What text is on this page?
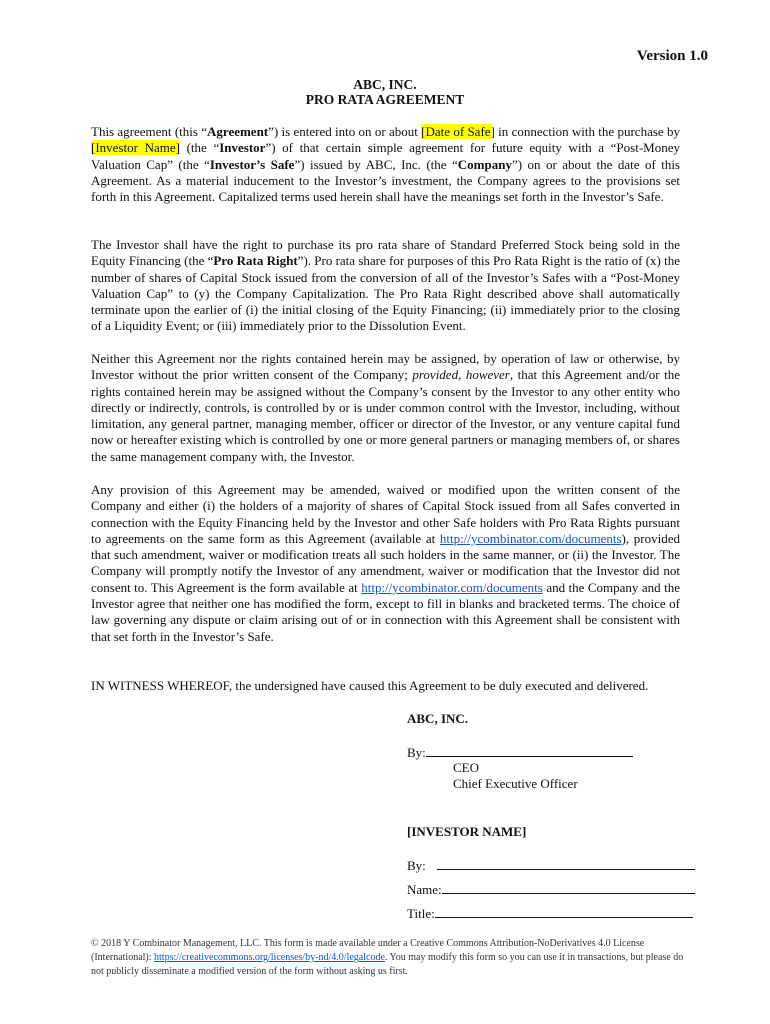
Version 1.0
ABC, INC.
PRO RATA AGREEMENT

This agreement (this “Agreement”) is entered into on or about [Date of Safe] in connection with the purchase by [Investor Name] (the “Investor”) of that certain simple agreement for future equity with a “Post-Money Valuation Cap” (the “Investor’s Safe”) issued by ABC, Inc. (the “Company”) on or about the date of this Agreement. As a material inducement to the Investor’s investment, the Company agrees to the provisions set forth in this Agreement. Capitalized terms used herein shall have the meanings set forth in the Investor’s Safe.

The Investor shall have the right to purchase its pro rata share of Standard Preferred Stock being sold in the Equity Financing (the “Pro Rata Right”). Pro rata share for purposes of this Pro Rata Right is the ratio of (x) the number of shares of Capital Stock issued from the conversion of all of the Investor’s Safes with a “Post-Money Valuation Cap” to (y) the Company Capitalization. The Pro Rata Right described above shall automatically terminate upon the earlier of (i) the initial closing of the Equity Financing; (ii) immediately prior to the closing of a Liquidity Event; or (iii) immediately prior to the Dissolution Event.

Neither this Agreement nor the rights contained herein may be assigned, by operation of law or otherwise, by Investor without the prior written consent of the Company; provided, however, that this Agreement and/or the rights contained herein may be assigned without the Company’s consent by the Investor to any other entity who directly or indirectly, controls, is controlled by or is under common control with the Investor, including, without limitation, any general partner, managing member, officer or director of the Investor, or any venture capital fund now or hereafter existing which is controlled by one or more general partners or managing members of, or shares the same management company with, the Investor.

Any provision of this Agreement may be amended, waived or modified upon the written consent of the Company and either (i) the holders of a majority of shares of Capital Stock issued from all Safes converted in connection with the Equity Financing held by the Investor and other Safe holders with Pro Rata Rights pursuant to agreements on the same form as this Agreement (available at http://ycombinator.com/documents), provided that such amendment, waiver or modification treats all such holders in the same manner, or (ii) the Investor. The Company will promptly notify the Investor of any amendment, waiver or modification that the Investor did not consent to. This Agreement is the form available at http://ycombinator.com/documents and the Company and the Investor agree that neither one has modified the form, except to fill in blanks and bracketed terms. The choice of law governing any dispute or claim arising out of or in connection with this Agreement shall be consistent with that set forth in the Investor’s Safe.

IN WITNESS WHEREOF, the undersigned have caused this Agreement to be duly executed and delivered.

ABC, INC.
By:
CEO
Chief Executive Officer
[INVESTOR NAME]
By:
Name:
Title:
© 2018 Y Combinator Management, LLC. This form is made available under a Creative Commons Attribution-NoDerivatives 4.0 License (International): https://creativecommons.org/licenses/by-nd/4.0/legalcode. You may modify this form so you can use it in transactions, but please do not publicly disseminate a modified version of the form without asking us first.
